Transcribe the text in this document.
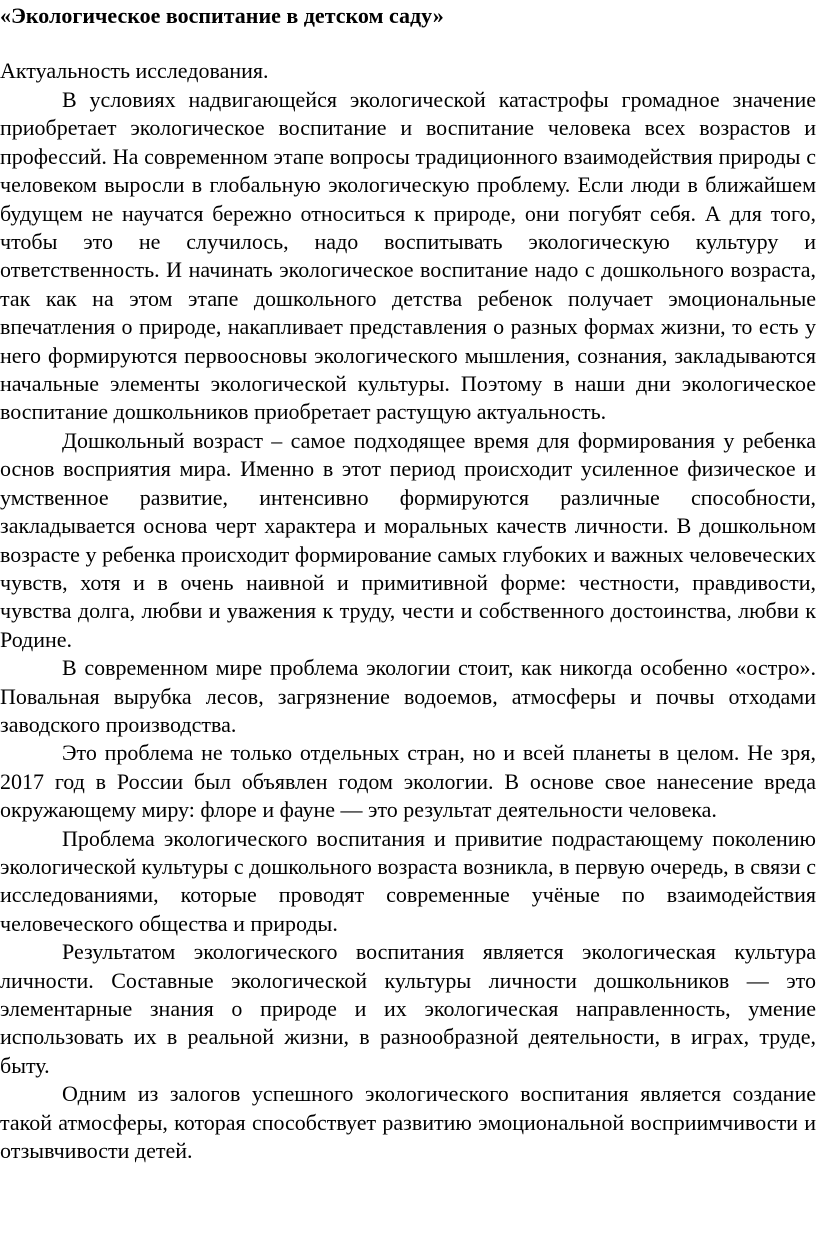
«Экологическое воспитание в детском саду»

Актуальность исследования.

В условиях надвигающейся экологической катастрофы громадное значение приобретает экологическое воспитание и воспитание человека всех возрастов и профессий. На современном этапе вопросы традиционного взаимодействия природы с человеком выросли в глобальную экологическую проблему. Если люди в ближайшем будущем не научатся бережно относиться к природе, они погубят себя. А для того, чтобы это не случилось, надо воспитывать экологическую культуру и ответственность. И начинать экологическое воспитание надо с дошкольного возраста, так как на этом этапе дошкольного детства ребенок получает эмоциональные впечатления о природе, накапливает представления о разных формах жизни, то есть у него формируются первоосновы экологического мышления, сознания, закладываются начальные элементы экологической культуры. Поэтому в наши дни экологическое воспитание дошкольников приобретает растущую актуальность.

Дошкольный возраст – самое подходящее время для формирования у ребенка основ восприятия мира. Именно в этот период происходит усиленное физическое и умственное развитие, интенсивно формируются различные способности, закладывается основа черт характера и моральных качеств личности. В дошкольном возрасте у ребенка происходит формирование самых глубоких и важных человеческих чувств, хотя и в очень наивной и примитивной форме: честности, правдивости, чувства долга, любви и уважения к труду, чести и собственного достоинства, любви к Родине.

В современном мире проблема экологии стоит, как никогда особенно «остро». Повальная вырубка лесов, загрязнение водоемов, атмосферы и почвы отходами заводского производства.

Это проблема не только отдельных стран, но и всей планеты в целом. Не зря, 2017 год в России был объявлен годом экологии. В основе свое нанесение вреда окружающему миру: флоре и фауне — это результат деятельности человека.

Проблема экологического воспитания и привитие подрастающему поколению экологической культуры с дошкольного возраста возникла, в первую очередь, в связи с исследованиями, которые проводят современные учёные по взаимодействия человеческого общества и природы.

Результатом экологического воспитания является экологическая культура личности. Составные экологической культуры личности дошкольников — это элементарные знания о природе и их экологическая направленность, умение использовать их в реальной жизни, в разнообразной деятельности, в играх, труде, быту.

Одним из залогов успешного экологического воспитания является создание такой атмосферы, которая способствует развитию эмоциональной восприимчивости и отзывчивости детей.
